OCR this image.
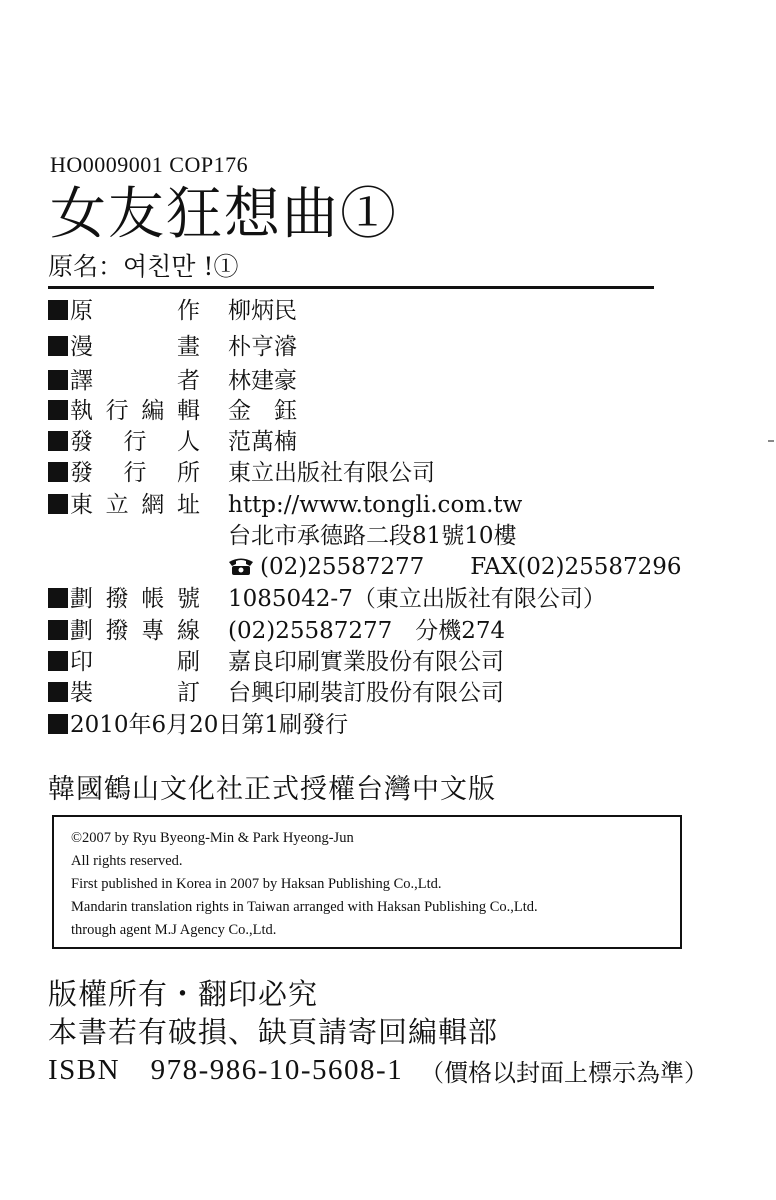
HO0009001 COP176
女友狂想曲①
原名：여친만 !①
原　作 柳炳民
漫　畫 朴亨濬
譯　者 林建豪
執行編輯 金　鈺
發行人 范萬楠
發行所 東立出版社有限公司
東立網址 http://www.tongli.com.tw
台北市承德路二段81號10樓
(02)25587277 FAX(02)25587296
劃撥帳號 1085042-7（東立出版社有限公司）
劃撥專線 (02)25587277　分機274
印　刷 嘉良印刷實業股份有限公司
裝　訂 台興印刷裝訂股份有限公司
2010年6月20日第1刷發行
韓國鶴山文化社正式授權台灣中文版
©2007 by Ryu Byeong-Min & Park Hyeong-Jun
All rights reserved.
First published in Korea in 2007 by Haksan Publishing Co.,Ltd.
Mandarin translation rights in Taiwan arranged with Haksan Publishing Co.,Ltd.
through agent M.J Agency Co.,Ltd.
版權所有・翻印必究
本書若有破損、缺頁請寄回編輯部
ISBN　978-986-10-5608-1 （價格以封面上標示為準）
